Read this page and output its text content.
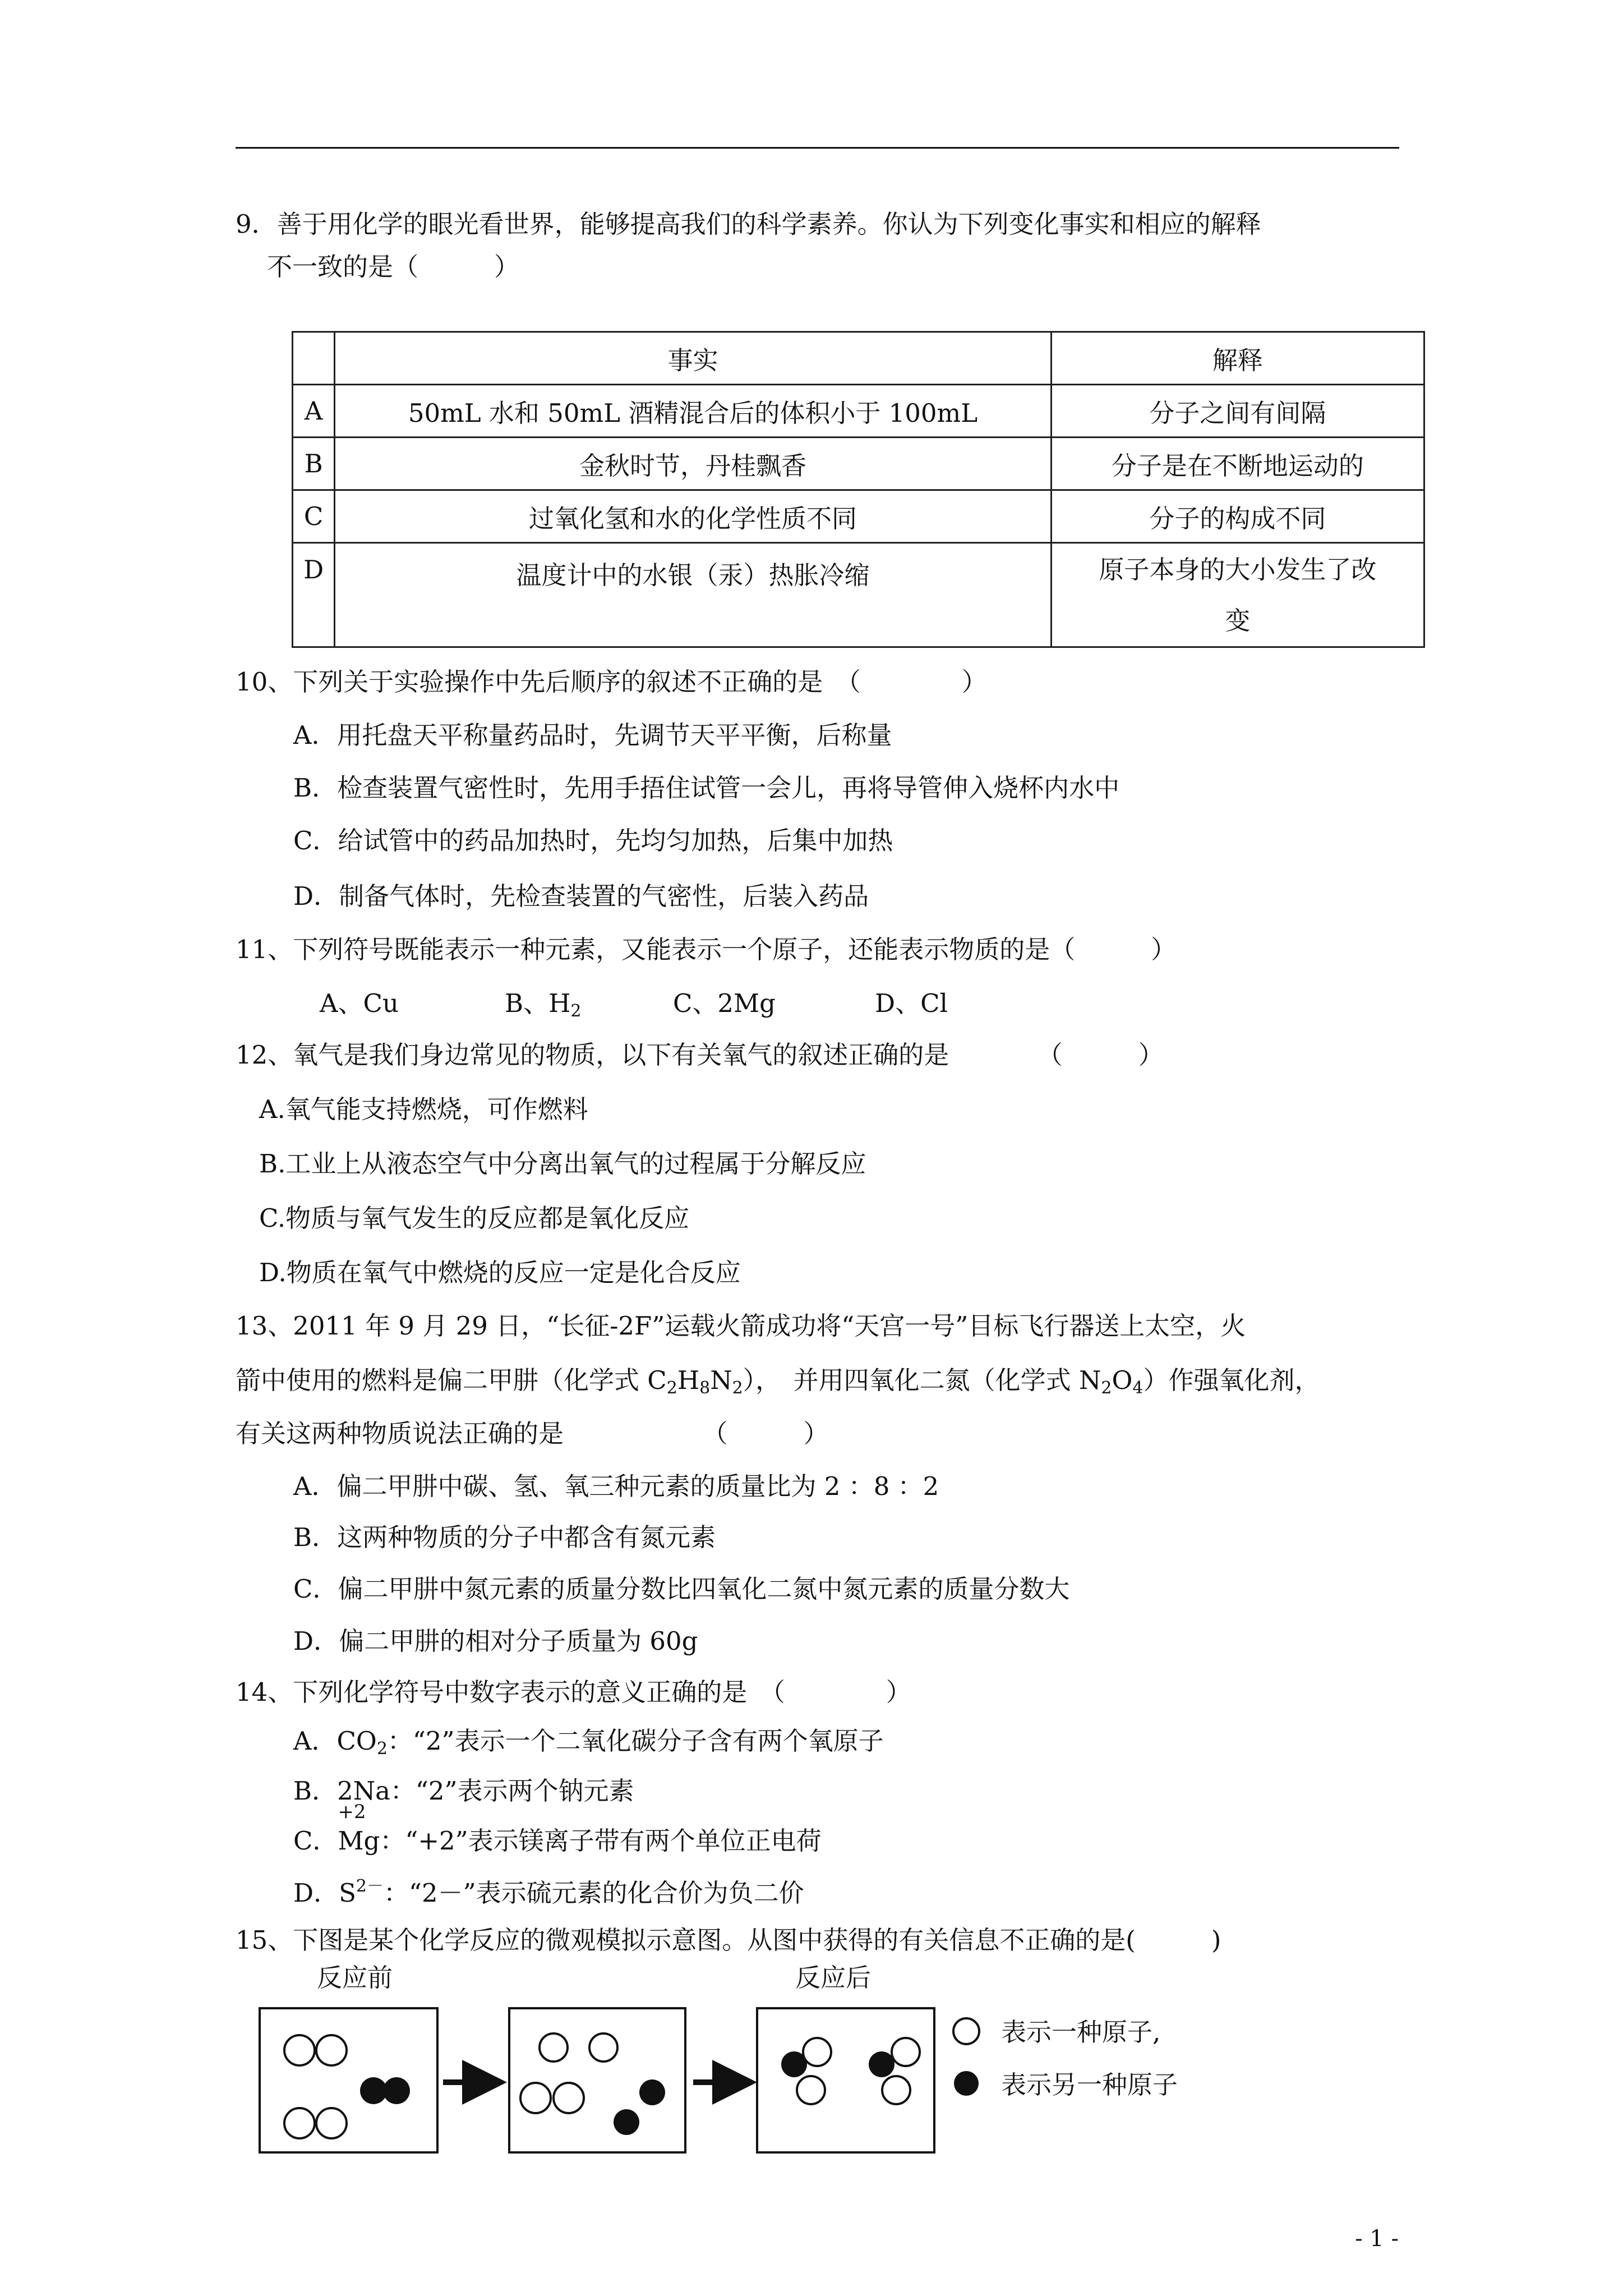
9．善于用化学的眼光看世界，能够提高我们的科学素养。你认为下列变化事实和相应的解释
不一致的是（　　　）
	事实	解释
A	50mL 水和 50mL 酒精混合后的体积小于 100mL	分子之间有间隔
B	金秋时节，丹桂飘香	分子是在不断地运动的
C	过氧化氢和水的化学性质不同	分子的构成不同
D	温度计中的水银（汞）热胀冷缩	原子本身的大小发生了改
变
10、下列关于实验操作中先后顺序的叙述不正确的是　（　　　　）
A．用托盘天平称量药品时，先调节天平平衡，后称量
B．检查装置气密性时，先用手捂住试管一会儿，再将导管伸入烧杯内水中
C．给试管中的药品加热时，先均匀加热，后集中加热
D．制备气体时，先检查装置的气密性，后装入药品
11、下列符号既能表示一种元素，又能表示一个原子，还能表示物质的是（　　　）
A、Cu	B、$H_2$	C、2Mg	D、Cl
12、氧气是我们身边常见的物质，以下有关氧气的叙述正确的是　　　　（　　　）
A.氧气能支持燃烧，可作燃料
B.工业上从液态空气中分离出氧气的过程属于分解反应
C.物质与氧气发生的反应都是氧化反应
D.物质在氧气中燃烧的反应一定是化合反应
13、2011 年 9 月 29 日，“长征-2F”运载火箭成功将“天宫一号”目标飞行器送上太空，火
箭中使用的燃料是偏二甲肼（化学式 $C_2H_8N_2$），　并用四氧化二氮（化学式 $N_2O_4$）作强氧化剂，
有关这两种物质说法正确的是　　　　　　（　　　）
A．偏二甲肼中碳、氢、氧三种元素的质量比为 2 ：8 ：2
B．这两种物质的分子中都含有氮元素
C．偏二甲肼中氮元素的质量分数比四氧化二氮中氮元素的质量分数大
D．偏二甲肼的相对分子质量为 60g
14、下列化学符号中数字表示的意义正确的是　（　　　　）
A．$CO_2$：“2”表示一个二氧化碳分子含有两个氧原子
B．2Na：“2”表示两个钠元素
C．
+2
Mg：“+2”表示镁离子带有两个单位正电荷
D．$S^{2-}$：“2－”表示硫元素的化合价为负二价
15、下图是某个化学反应的微观模拟示意图。从图中获得的有关信息不正确的是(　　　)
反应前	反应后
表示一种原子,
表示另一种原子
- 1 -
